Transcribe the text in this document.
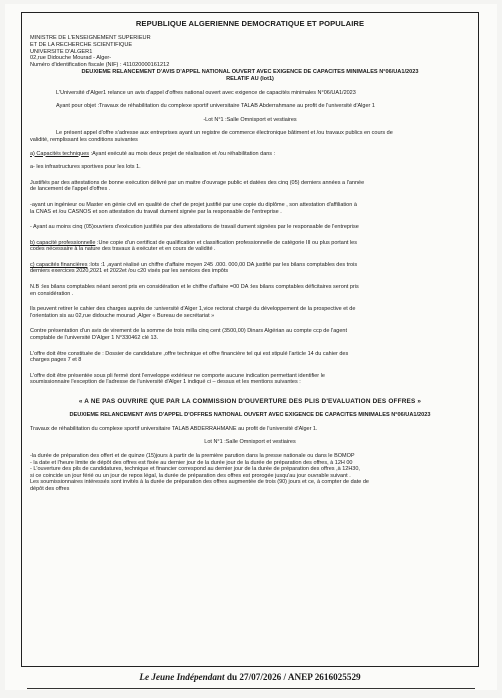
REPUBLIQUE ALGERIENNE DEMOCRATIQUE ET POPULAIRE
MINISTRE DE L'ENSEIGNEMENT SUPERIEUR
ET DE LA RECHERCHE SCIENTIFIQUE
UNIVERSITE D'ALGER1
02,rue Didouche Mourad - Alger-
Numéro d'identification fiscale (NIF) : 411020000161212
DEUXIEME RELANCEMENT D'AVIS D'APPEL NATIONAL OUVERT AVEC EXIGENCE DE CAPACITES MINIMALES N°06/UA1/2023
RELATIF AU (lot1)

L'Université d'Alger1 relance un avis d'appel d'offres national ouvert avec exigence de capacités minimales N°06/UA1/2023

Ayant pour objet :Travaux de réhabilitation du complexe sportif universitaire TALAB Abderrahmane au profit de l'université d'Alger 1

-Lot N°1 :Salle Omnisport et vestiaires

Le présent appel d'offre s'adresse aux entreprises ayant un registre de commerce électronique bâtiment et /ou travaux publics en cours de

validité, remplissant les conditions suivantes

a) Capacités techniques :Ayant exécuté au mois deux projet de réalisation et /ou réhabilitation dans :

a- les infrastructures sportives pour les lots 1.

Justifiés par des attestations de bonne exécution délivré par un maitre d'ouvrage public et datées des cinq (05) derniers années a l'année

de lancement de l'appel d'offres .

-ayant un ingénieur ou Master en génie civil en qualité de chef de projet justifié par une copie du diplôme , son attestation d'affiliation à

la CNAS et /ou CASNOS et son attestation du travail dument signée par la responsable de l'entreprise .

- Ayant au moins cinq (05)ouvriers d'exécution justifiés par des attestations de travail dument signées par le responsable de l'entreprise

b) capacité professionnelle :Une copie d'un certificat de qualification et classification professionnelle de catégorie III ou plus portant les

codes nécessaire à la nature des travaux à exécuter et en cours de validité .

c) capacités financières :lots :1 ,ayant réalisé un chiffre d'affaire moyen 245 .000. 000,00 DA justifié par les bilans comptables des trois

derniers exercices 2020,2021 et 2022et /ou c20 visés par les services des impôts

N.B :les bilans comptables néant seront pris en considération et le chiffre d'affaire =00 DA :les bilans comptables déficitaires seront pris

en considération .

Ils peuvent retirer le cahier des charges auprès de :université d'Alger 1,vice rectorat chargé du développement de la prospective et de

l'orientation sis au 02,rue didouche mourad ,Alger « Bureau de secrétariat »

Contre présentation d'un avis de virement de la somme de trois milla cinq cent (3500,00) Dinars Algérian au compte ccp de l'agent

comptable de l'université D'Alger 1 N°330462 clé 13.

L'offre doit être constituée de : Dossier de candidature ,offre technique et offre financière tel qui est stipulé l'article 14 du cahier des

charges pages 7 et 8

L'offre doit être présentée sous pli fermé dont l'enveloppe extérieur ne comporte aucune indication permettant identifier le

soumissionnaire l'exception de l'adresse de l'université d'Alger 1 indiqué ci – dessus et les mentions suivantes :

« A NE PAS OUVRIRE QUE PAR LA COMMISSION D'OUVERTURE DES PLIS D'EVALUATION DES OFFRES »
DEUXIEME RELANCEMENT AVIS D'APPEL D'OFFRES NATIONAL OUVERT AVEC EXIGENCE DE CAPACITES MINIMALES N°06/UA1/2023

Travaux de réhabilitation du complexe sportif universitaire TALAB ABDERRAHMANE au profit de l'université d'Alger 1.

Lot N°1 :Salle Omnisport et vestiaires

-la durée de préparation des offert et de quinze (15)jours à partir de la première parution dans la presse nationale ou dans le BOMOP

- la date et l'heure limite de dépôt des offres est fixée au dernier jour de la durée jour de la durée de préparation des offres, à 12H 00

- L'ouverture des pils de candidatures, technique et financier correspond au dernier jour de la durée de préparation des offres ,à 12H30,

si ce coincide un jour férié ou un jour de repos légal, la durée de préparation des offres est prorogée jusqu'au jour ouvrable suivant .

Les soumissionnaires intéressés sont invités à la durée de préparation des offres augmentée de trois (90) jours et ce, à compter de date de

dépôt des offres

Le Jeune Indépendant du 27/07/2026 / ANEP 2616025529
